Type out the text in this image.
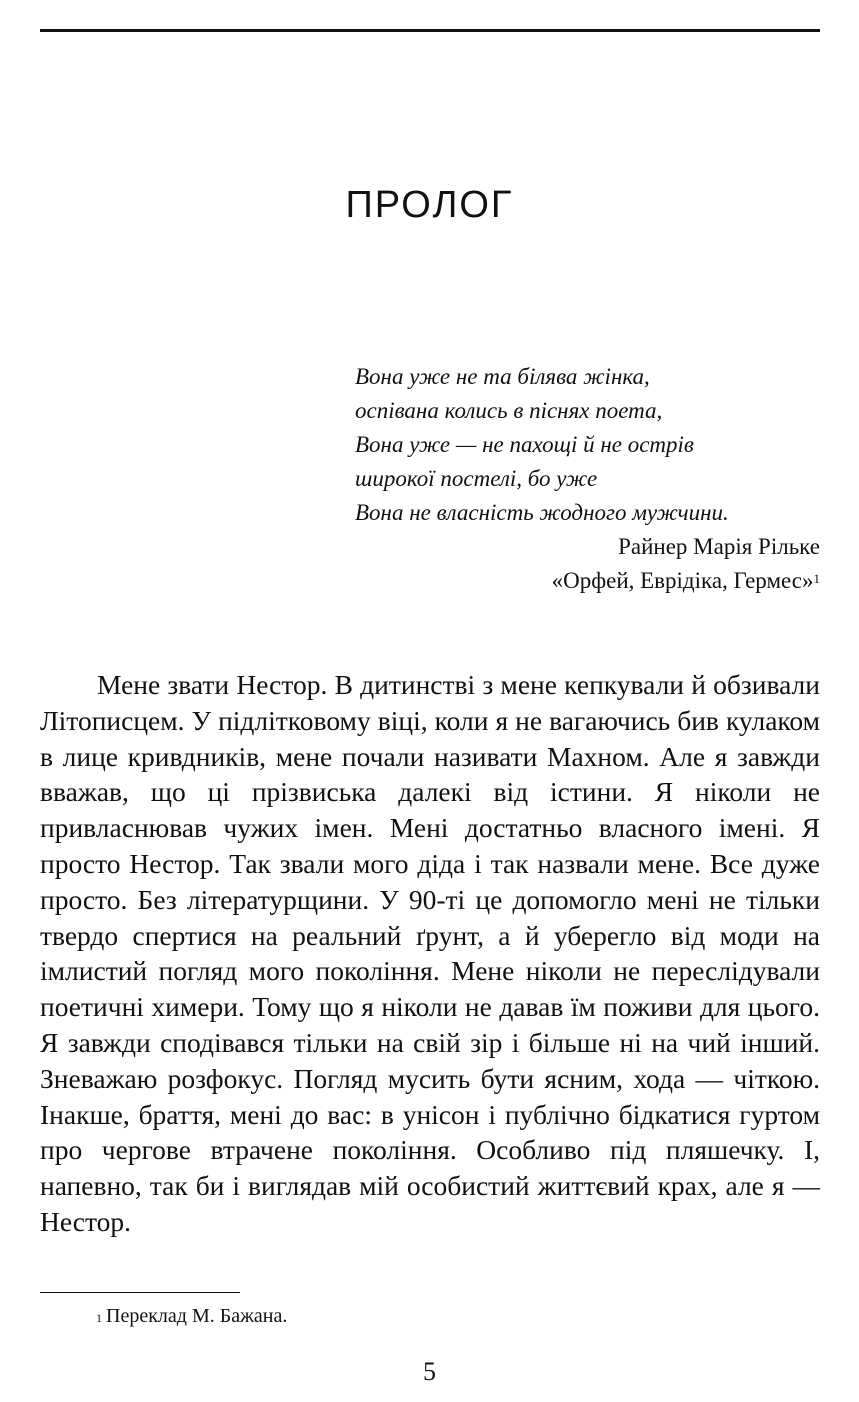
ПРОЛОГ
Вона уже не та білява жінка,
оспівана колись в піснях поета,
Вона уже — не пахощі й не острів
широкої постелі, бо уже
Вона не власність жодного мужчини.
Райнер Марія Рільке
«Орфей, Еврідіка, Гермес»$^1$

Мене звати Нестор. В дитинстві з мене кепкували й обзивали Літописцем. У підлітковому віці, коли я не вагаючись бив кулаком в лице кривдників, мене почали називати Махном. Але я завжди вважав, що ці прізвиська далекі від істини. Я ніколи не привласнював чужих імен. Мені достатньо власного імені. Я просто Нестор. Так звали мого діда і так назвали мене. Все дуже просто. Без літературщини. У 90-ті це допомогло мені не тільки твердо спертися на реальний ґрунт, а й уберегло від моди на імлистий погляд мого покоління. Мене ніколи не переслідували поетичні химери. Тому що я ніколи не давав їм поживи для цього. Я завжди сподівався тільки на свій зір і більше ні на чий інший. Зневажаю розфокус. Погляд мусить бути ясним, хода — чіткою. Інакше, браття, мені до вас: в унісон і публічно бідкатися гуртом про чергове втрачене покоління. Особливо під пляшечку. І, напевно, так би і виглядав мій особистий життєвий крах, але я — Нестор.

$^1$ Переклад М. Бажана.
5
